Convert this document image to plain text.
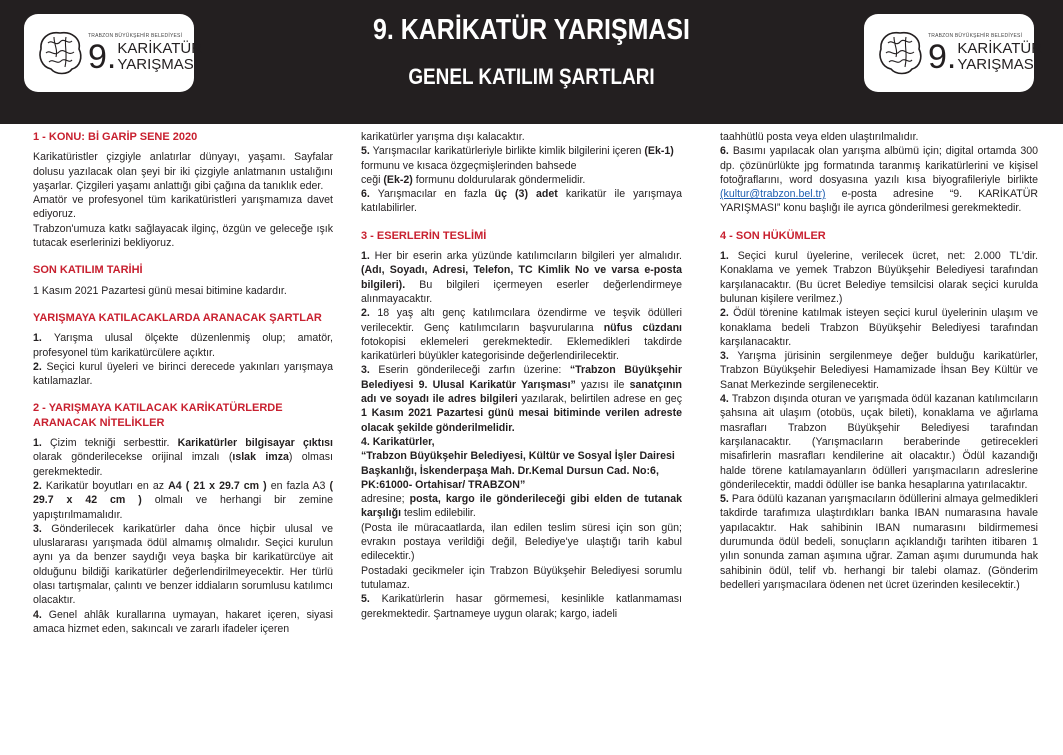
TRABZON BÜYÜKŞEHİR BELEDİYESİ
9. KARİKATÜR
YARIŞMASI
9. KARİKATÜR YARIŞMASI
GENEL KATILIM ŞARTLARI
TRABZON BÜYÜKŞEHİR BELEDİYESİ
9. KARİKATÜR
YARIŞMASI

1 - KONU: Bİ GARİP SENE 2020

Karikatüristler çizgiyle anlatırlar dünyayı, yaşamı. Sayfalar dolusu yazılacak olan şeyi bir iki çizgiyle anlatmanın ustalığını yaşarlar. Çizgileri yaşamı anlattığı gibi çağına da tanıklık eder.

Amatör ve profesyonel tüm karikatüristleri yarışmamıza davet ediyoruz.

Trabzon'umuza katkı sağlayacak ilginç, özgün ve geleceğe ışık tutacak eserlerinizi bekliyoruz.

SON KATILIM TARİHİ

1 Kasım 2021 Pazartesi günü mesai bitimine kadardır.

YARIŞMAYA KATILACAKLARDA ARANACAK ŞARTLAR

1. Yarışma ulusal ölçekte düzenlenmiş olup; amatör, profesyonel tüm karikatürcülere açıktır.

2. Seçici kurul üyeleri ve birinci derecede yakınları yarışmaya katılamazlar.

2 - YARIŞMAYA KATILACAK KARİKATÜRLERDE

ARANACAK NİTELİKLER

1. Çizim tekniği serbesttir. Karikatürler bilgisayar çıktısı olarak gönderilecekse orijinal imzalı (ıslak imza) olması gerekmektedir.

2. Karikatür boyutları en az A4 ( 21 x 29.7 cm ) en fazla A3 ( 29.7 x 42 cm ) olmalı ve herhangi bir zemine yapıştırılmamalıdır.

3. Gönderilecek karikatürler daha önce hiçbir ulusal ve uluslararası yarışmada ödül almamış olmalıdır. Seçici kurulun aynı ya da benzer saydığı veya başka bir karikatürcüye ait olduğunu bildiği karikatürler değerlendirilmeyecektir. Her türlü olası tartışmalar, çalıntı ve benzer iddiaların sorumlusu katılımcı olacaktır.

4. Genel ahlâk kurallarına uymayan, hakaret içeren, siyasi amaca hizmet eden, sakıncalı ve zararlı ifadeler içeren

karikatürler yarışma dışı kalacaktır.

5. Yarışmacılar karikatürleriyle birlikte kimlik bilgilerini içeren (Ek-1) formunu ve kısaca özgeçmişlerinden bahsede
ceği (Ek-2) formunu doldurularak göndermelidir.

6. Yarışmacılar en fazla üç (3) adet karikatür ile yarışmaya katılabilirler.

3 - ESERLERİN TESLİMİ

1. Her bir eserin arka yüzünde katılımcıların bilgileri yer almalıdır. (Adı, Soyadı, Adresi, Telefon, TC Kimlik No ve varsa e-posta bilgileri). Bu bilgileri içermeyen eserler değerlendirmeye alınmayacaktır.

2. 18 yaş altı genç katılımcılara özendirme ve teşvik ödülleri verilecektir. Genç katılımcıların başvurularına nüfus cüzdanı fotokopisi eklemeleri gerekmektedir. Eklemedikleri takdirde karikatürleri büyükler kategorisinde değerlendirilecektir.

3. Eserin gönderileceği zarfın üzerine: “Trabzon Büyükşehir Belediyesi 9. Ulusal Karikatür Yarışması” yazısı ile sanatçının adı ve soyadı ile adres bilgileri yazılarak, belirtilen adrese en geç 1 Kasım 2021 Pazartesi günü mesai bitiminde verilen adreste olacak şekilde gönderilmelidir.

4. Karikatürler,

“Trabzon Büyükşehir Belediyesi, Kültür ve Sosyal İşler Dairesi Başkanlığı, İskenderpaşa Mah. Dr.Kemal Dursun Cad. No:6, PK:61000- Ortahisar/ TRABZON”

adresine; posta, kargo ile gönderileceği gibi elden de tutanak karşılığı teslim edilebilir.

(Posta ile müracaatlarda, ilan edilen teslim süresi için son gün; evrakın postaya verildiği değil, Belediye'ye ulaştığı tarih kabul edilecektir.)

Postadaki gecikmeler için Trabzon Büyükşehir Belediyesi sorumlu tutulamaz.

5. Karikatürlerin hasar görmemesi, kesinlikle katlanmaması gerekmektedir. Şartnameye uygun olarak; kargo, iadeli

taahhütlü posta veya elden ulaştırılmalıdır.

6. Basımı yapılacak olan yarışma albümü için; digital ortamda 300 dp. çözünürlükte jpg formatında taranmış karikatürlerini ve kişisel fotoğraflarını, word dosyasına yazılı kısa biyografileriyle birlikte (kultur@trabzon.bel.tr) e-posta adresine “9. KARİKATÜR YARIŞMASI” konu başlığı ile ayrıca gönderilmesi gerekmektedir.

4 - SON HÜKÜMLER

1. Seçici kurul üyelerine, verilecek ücret, net: 2.000 TL'dir. Konaklama ve yemek Trabzon Büyükşehir Belediyesi tarafından karşılanacaktır. (Bu ücret Belediye temsilcisi olarak seçici kurulda bulunan kişilere verilmez.)

2. Ödül törenine katılmak isteyen seçici kurul üyelerinin ulaşım ve konaklama bedeli Trabzon Büyükşehir Belediyesi tarafından karşılanacaktır.

3. Yarışma jürisinin sergilenmeye değer bulduğu karikatürler, Trabzon Büyükşehir Belediyesi Hamamizade İhsan Bey Kültür ve Sanat Merkezinde sergilenecektir.

4. Trabzon dışında oturan ve yarışmada ödül kazanan katılımcıların şahsına ait ulaşım (otobüs, uçak bileti), konaklama ve ağırlama masrafları Trabzon Büyükşehir Belediyesi tarafından karşılanacaktır. (Yarışmacıların beraberinde getirecekleri misafirlerin masrafları kendilerine ait olacaktır.) Ödül kazandığı halde törene katılamayanların ödülleri yarışmacıların adreslerine gönderilecektir, maddi ödüller ise banka hesaplarına yatırılacaktır.

5. Para ödülü kazanan yarışmacıların ödüllerini almaya gelmedikleri takdirde tarafımıza ulaştırdıkları banka IBAN numarasına havale yapılacaktır. Hak sahibinin IBAN numarasını bildirmemesi durumunda ödül bedeli, sonuçların açıklandığı tarihten itibaren 1 yılın sonunda zaman aşımına uğrar. Zaman aşımı durumunda hak sahibinin ödül, telif vb. herhangi bir talebi olamaz. (Gönderim bedelleri yarışmacılara ödenen net ücret üzerinden kesilecektir.)
